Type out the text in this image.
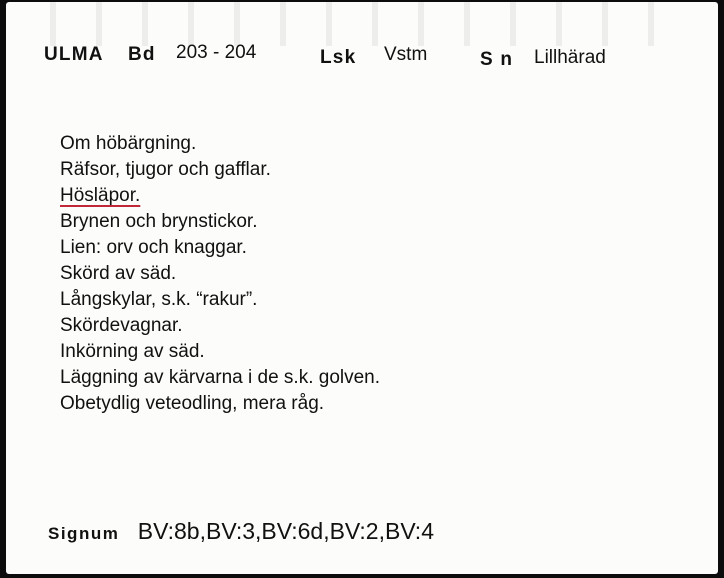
ULMA Bd 203 - 204	Lsk Vstm	S n Lillhärad
Om höbärgning.
Räfsor, tjugor och gafflar.
Hösläpor.
Brynen och brynstickor.
Lien: orv och knaggar.
Skörd av säd.
Långskylar, s.k. “rakur”.
Skördevagnar.
Inkörning av säd.
Läggning av kärvarna i de s.k. golven.
Obetydlig veteodling, mera råg.
Signum BV:8b,BV:3,BV:6d,BV:2,BV:4
